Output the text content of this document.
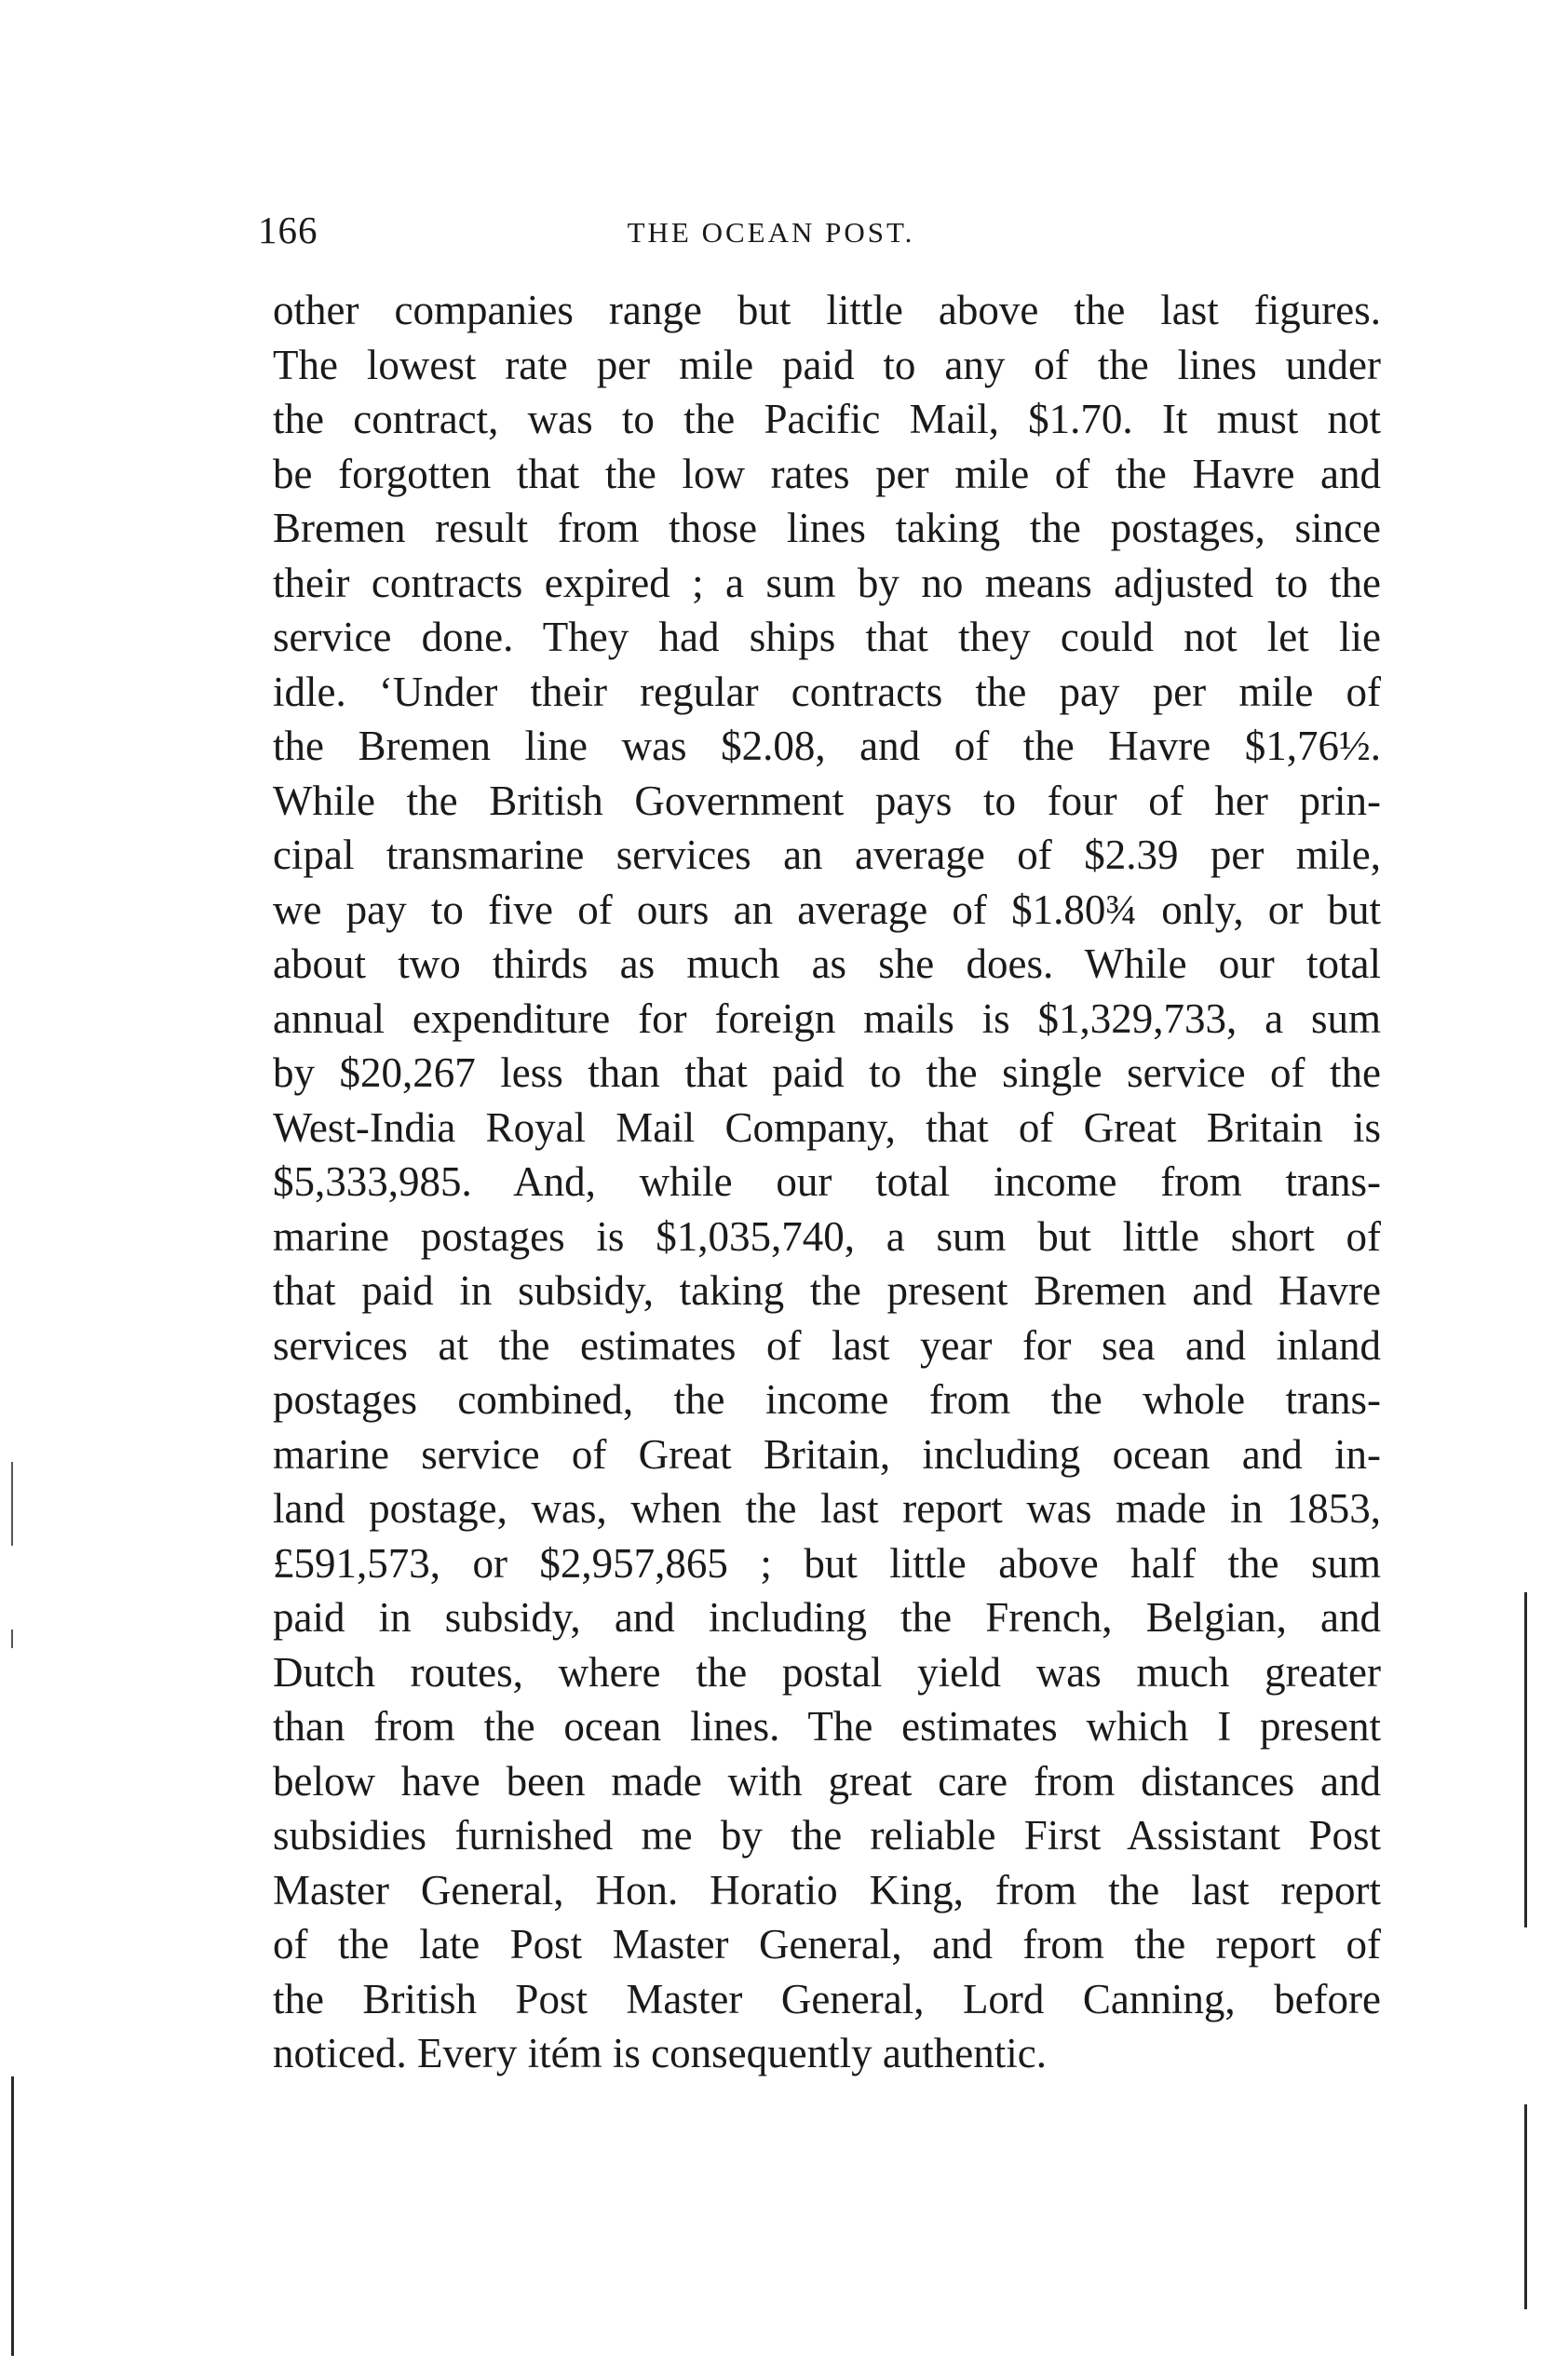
166	THE OCEAN POST.
other companies range but little above the last figures.
The lowest rate per mile paid to any of the lines under
the contract, was to the Pacific Mail, $1.70. It must not
be forgotten that the low rates per mile of the Havre and
Bremen result from those lines taking the postages, since
their contracts expired ; a sum by no means adjusted to the
service done. They had ships that they could not let lie
idle. ‘Under their regular contracts the pay per mile of
the Bremen line was $2.08, and of the Havre $1,76½.
While the British Government pays to four of her prin-
cipal transmarine services an average of $2.39 per mile,
we pay to five of ours an average of $1.80¾ only, or but
about two thirds as much as she does. While our total
annual expenditure for foreign mails is $1,329,733, a sum
by $20,267 less than that paid to the single service of the
West-India Royal Mail Company, that of Great Britain is
$5,333,985. And, while our total income from trans-
marine postages is $1,035,740, a sum but little short of
that paid in subsidy, taking the present Bremen and Havre
services at the estimates of last year for sea and inland
postages combined, the income from the whole trans-
marine service of Great Britain, including ocean and in-
land postage, was, when the last report was made in 1853,
£591,573, or $2,957,865 ; but little above half the sum
paid in subsidy, and including the French, Belgian, and
Dutch routes, where the postal yield was much greater
than from the ocean lines. The estimates which I present
below have been made with great care from distances and
subsidies furnished me by the reliable First Assistant Post
Master General, Hon. Horatio King, from the last report
of the late Post Master General, and from the report of
the British Post Master General, Lord Canning, before
noticed. Every itém is consequently authentic.
